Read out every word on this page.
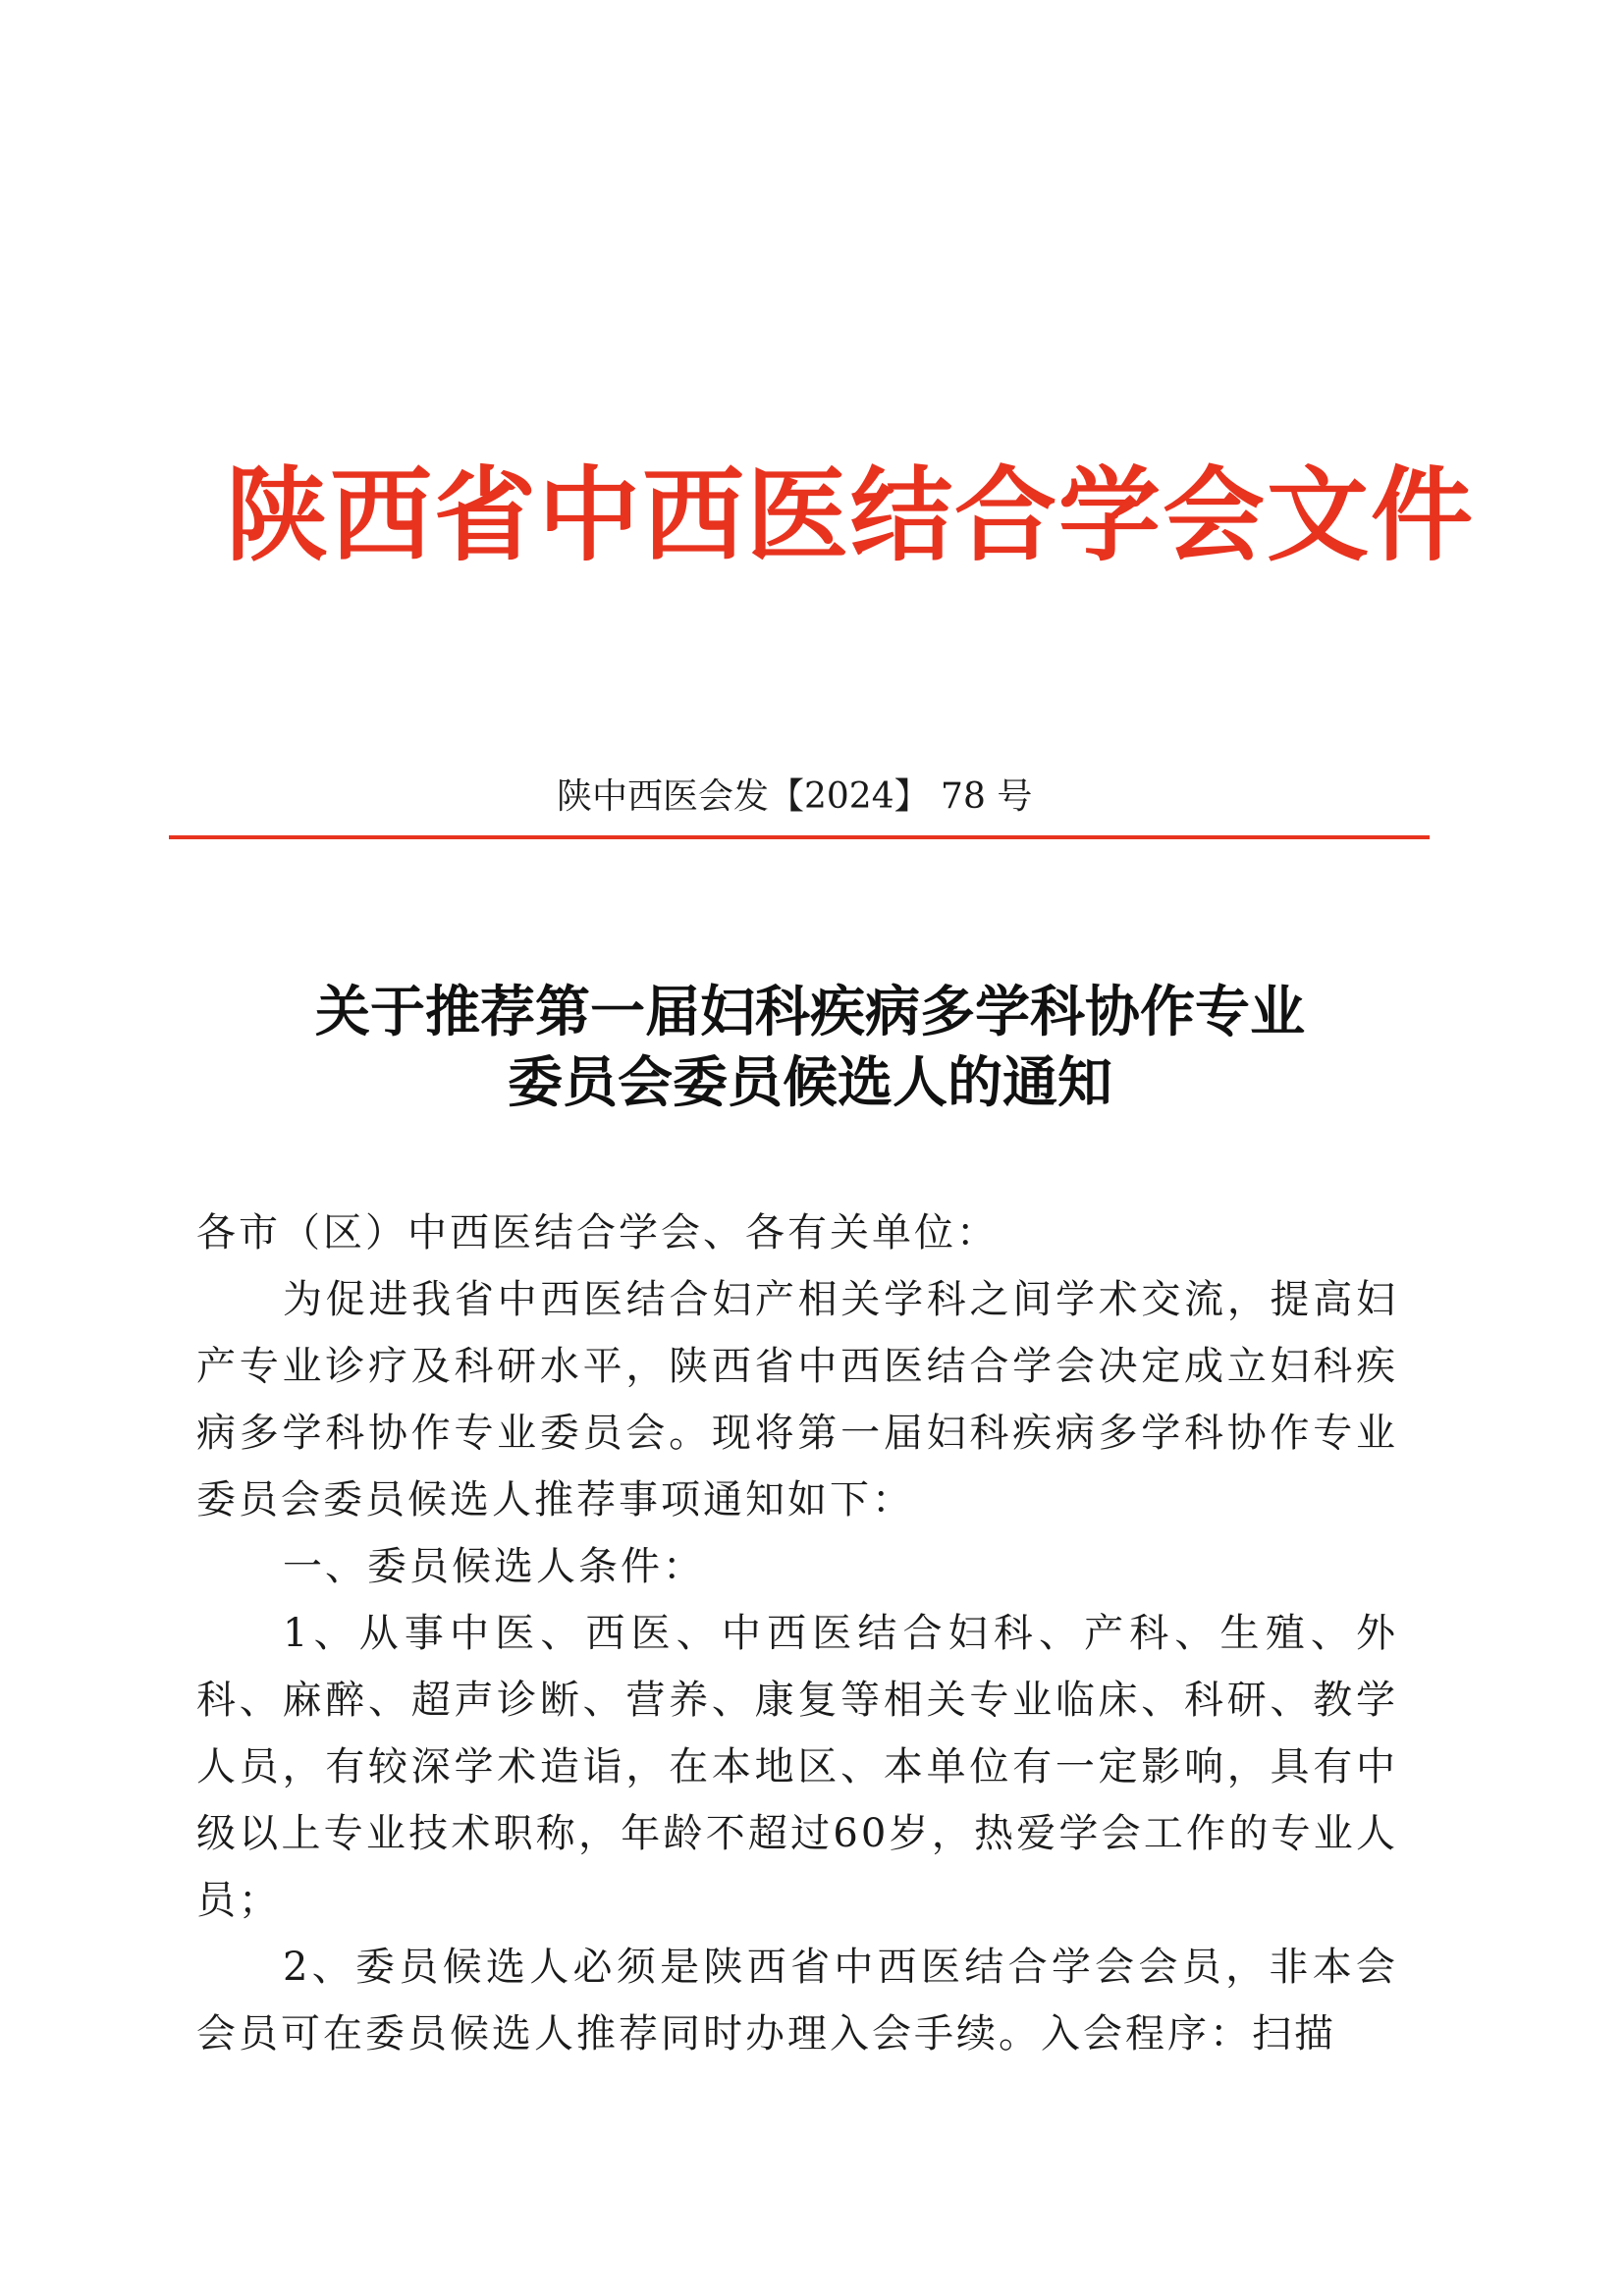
陕西省中西医结合学会文件
陕中西医会发【2024】 78 号
关于推荐第一届妇科疾病多学科协作专业
委员会委员候选人的通知

各市（区）中西医结合学会、各有关单位：

为促进我省中西医结合妇产相关学科之间学术交流，提高妇产专业诊疗及科研水平，陕西省中西医结合学会决定成立妇科疾病多学科协作专业委员会。现将第一届妇科疾病多学科协作专业委员会委员候选人推荐事项通知如下：

一、委员候选人条件：

1、从事中医、西医、中西医结合妇科、产科、生殖、外科、麻醉、超声诊断、营养、康复等相关专业临床、科研、教学人员，有较深学术造诣，在本地区、本单位有一定影响，具有中级以上专业技术职称，年龄不超过60岁，热爱学会工作的专业人员；

2、委员候选人必须是陕西省中西医结合学会会员，非本会会员可在委员候选人推荐同时办理入会手续。入会程序：扫描
